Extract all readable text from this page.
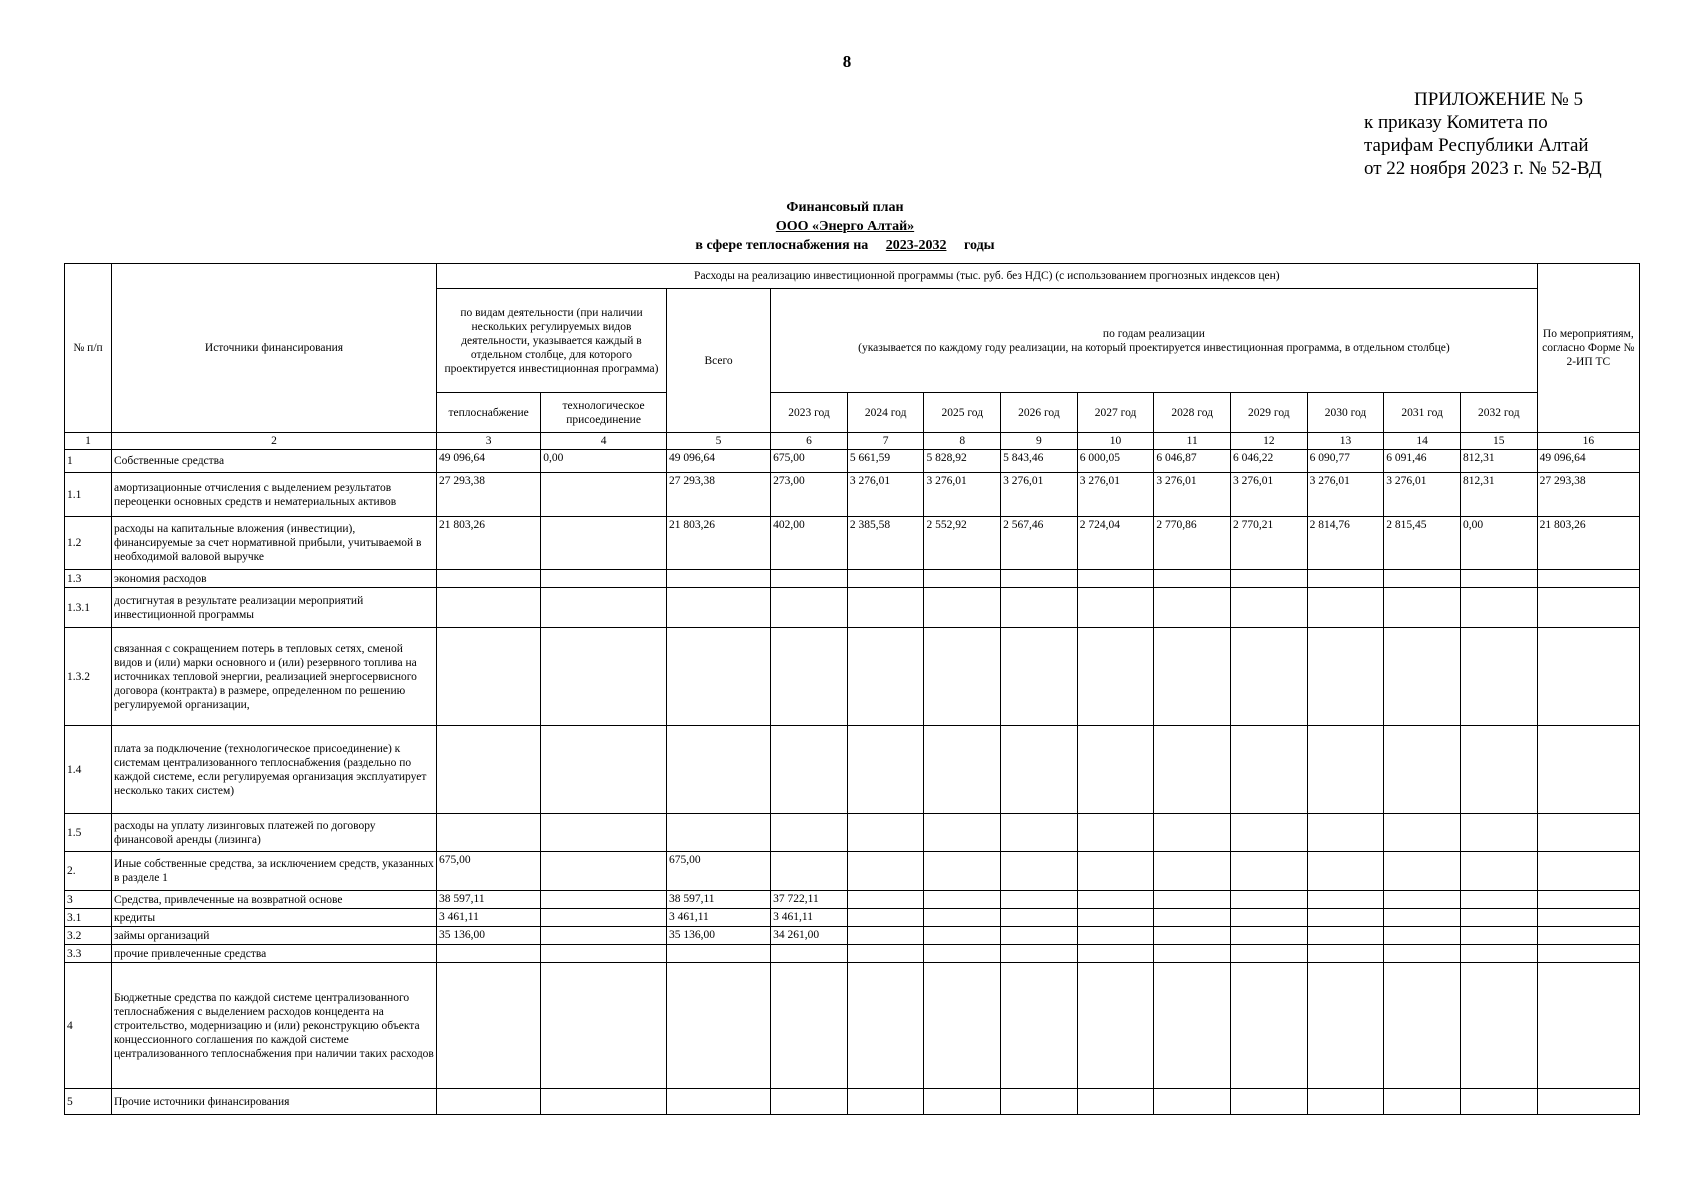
8
ПРИЛОЖЕНИЕ № 5
к приказу Комитета по
тарифам Республики Алтай
от 22 ноября 2023 г. № 52-ВД
Финансовый план
ООО «Энерго Алтай»
в сфере теплоснабжения на 2023-2032 годы
№ п/п	Источники финансирования	Расходы на реализацию инвестиционной программы (тыс. руб. без НДС) (с использованием прогнозных индексов цен)													По мероприятиям, согласно Форме № 2-ИП ТС
		по видам деятельности (при наличии нескольких регулируемых видов деятельности, указывается каждый в отдельном столбце, для которого проектируется инвестиционная программа)		Всего	по годам реализации
(указывается по каждому году реализации, на который проектируется инвестиционная программа, в отдельном столбце)										

		теплоснабжение	технологическое присоединение		2023 год	2024 год	2025 год	2026 год	2027 год	2028 год	2029 год	2030 год	2031 год	2032 год	
1	2	3	4	5	6	7	8	9	10	11	12	13	14	15	16
1	Собственные средства	49 096,64	0,00	49 096,64	675,00	5 661,59	5 828,92	5 843,46	6 000,05	6 046,87	6 046,22	6 090,77	6 091,46	812,31	49 096,64
1.1	амортизационные отчисления с выделением результатов переоценки основных средств и нематериальных активов	27 293,38		27 293,38	273,00	3 276,01	3 276,01	3 276,01	3 276,01	3 276,01	3 276,01	3 276,01	3 276,01	812,31	27 293,38
1.2	расходы на капитальные вложения (инвестиции), финансируемые за счет нормативной прибыли, учитываемой в необходимой валовой выручке	21 803,26		21 803,26	402,00	2 385,58	2 552,92	2 567,46	2 724,04	2 770,86	2 770,21	2 814,76	2 815,45	0,00	21 803,26
1.3	экономия расходов														
1.3.1	достигнутая в результате реализации мероприятий инвестиционной программы														
1.3.2	связанная с сокращением потерь в тепловых сетях, сменой видов и (или) марки основного и (или) резервного топлива на источниках тепловой энергии, реализацией энергосервисного договора (контракта) в размере, определенном по решению регулируемой организации,														
1.4	плата за подключение (технологическое присоединение) к системам централизованного теплоснабжения (раздельно по каждой системе, если регулируемая организация эксплуатирует несколько таких систем)														
1.5	расходы на уплату лизинговых платежей по договору финансовой аренды (лизинга)														
2.	Иные собственные средства, за исключением средств, указанных в разделе 1	675,00		675,00											
3	Средства, привлеченные на возвратной основе	38 597,11		38 597,11	37 722,11										
3.1	кредиты	3 461,11		3 461,11	3 461,11										
3.2	займы организаций	35 136,00		35 136,00	34 261,00										
3.3	прочие привлеченные средства														
4	Бюджетные средства по каждой системе централизованного теплоснабжения с выделением расходов концедента на строительство, модернизацию и (или) реконструкцию объекта концессионного соглашения по каждой системе централизованного теплоснабжения при наличии таких расходов														
5	Прочие источники финансирования														
